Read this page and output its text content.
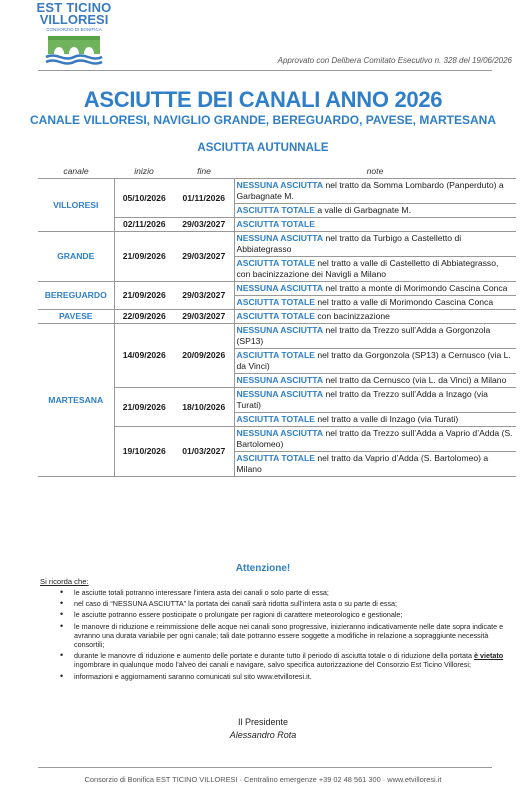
EST TICINO
VILLORESI
CONSORZIO DI BONIFICA
Approvato con Delibera Comitato Esecutivo n. 328 del 19/06/2026
ASCIUTTE DEI CANALI ANNO 2026
CANALE VILLORESI, NAVIGLIO GRANDE, BEREGUARDO, PAVESE, MARTESANA
ASCIUTTA AUTUNNALE
canale	inizio	fine	note
VILLORESI	05/10/2026	01/11/2026	NESSUNA ASCIUTTA nel tratto da Somma Lombardo (Panperduto) a Garbagnate M.
			ASCIUTTA TOTALE a valle di Garbagnate M.
	02/11/2026	29/03/2027	ASCIUTTA TOTALE
GRANDE	21/09/2026	29/03/2027	NESSUNA ASCIUTTA nel tratto da Turbigo a Castelletto di Abbiategrasso
			ASCIUTTA TOTALE nel tratto a valle di Castelletto di Abbiategrasso, con bacinizzazione dei Navigli a Milano
BEREGUARDO	21/09/2026	29/03/2027	NESSUNA ASCIUTTA nel tratto a monte di Morimondo Cascina Conca
			ASCIUTTA TOTALE nel tratto a valle di Morimondo Cascina Conca
PAVESE	22/09/2026	29/03/2027	ASCIUTTA TOTALE con bacinizzazione
MARTESANA	14/09/2026	20/09/2026	NESSUNA ASCIUTTA nel tratto da Trezzo sull’Adda a Gorgonzola (SP13)
			ASCIUTTA TOTALE nel tratto da Gorgonzola (SP13) a Cernusco (via L. da Vinci)
			NESSUNA ASCIUTTA nel tratto da Cernusco (via L. da Vinci) a Milano
	21/09/2026	18/10/2026	NESSUNA ASCIUTTA nel tratto da Trezzo sull’Adda a Inzago (via Turati)
			ASCIUTTA TOTALE nel tratto a valle di Inzago (via Turati)
	19/10/2026	01/03/2027	NESSUNA ASCIUTTA nel tratto da Trezzo sull’Adda a Vaprio d’Adda (S. Bartolomeo)
			ASCIUTTA TOTALE nel tratto da Vaprio d’Adda (S. Bartolomeo) a Milano
Attenzione!
Si ricorda che:
• le asciutte totali potranno interessare l’intera asta dei canali o solo parte di essa;
• nel caso di “NESSUNA ASCIUTTA” la portata dei canali sarà ridotta sull’intera asta o su parte di essa;
• le asciutte potranno essere posticipate o prolungate per ragioni di carattere meteorologico e gestionale;
• le manovre di riduzione e reimmissione delle acque nei canali sono progressive, inizieranno indicativamente nelle date sopra indicate e avranno una durata variabile per ogni canale; tali date potranno essere soggette a modifiche in relazione a sopraggiunte necessità consortili;
• durante le manovre di riduzione e aumento delle portate e durante tutto il periodo di asciutta totale o di riduzione della portata è vietato ingombrare in qualunque modo l’alveo dei canali e navigare, salvo specifica autorizzazione del Consorzio Est Ticino Villoresi;
• informazioni e aggiornamenti saranno comunicati sul sito www.etvilloresi.it.
Il Presidente
Alessandro Rota
Consorzio di Bonifica EST TICINO VILLORESI · Centralino emergenze +39 02 48 561 300 · www.etvilloresi.it
